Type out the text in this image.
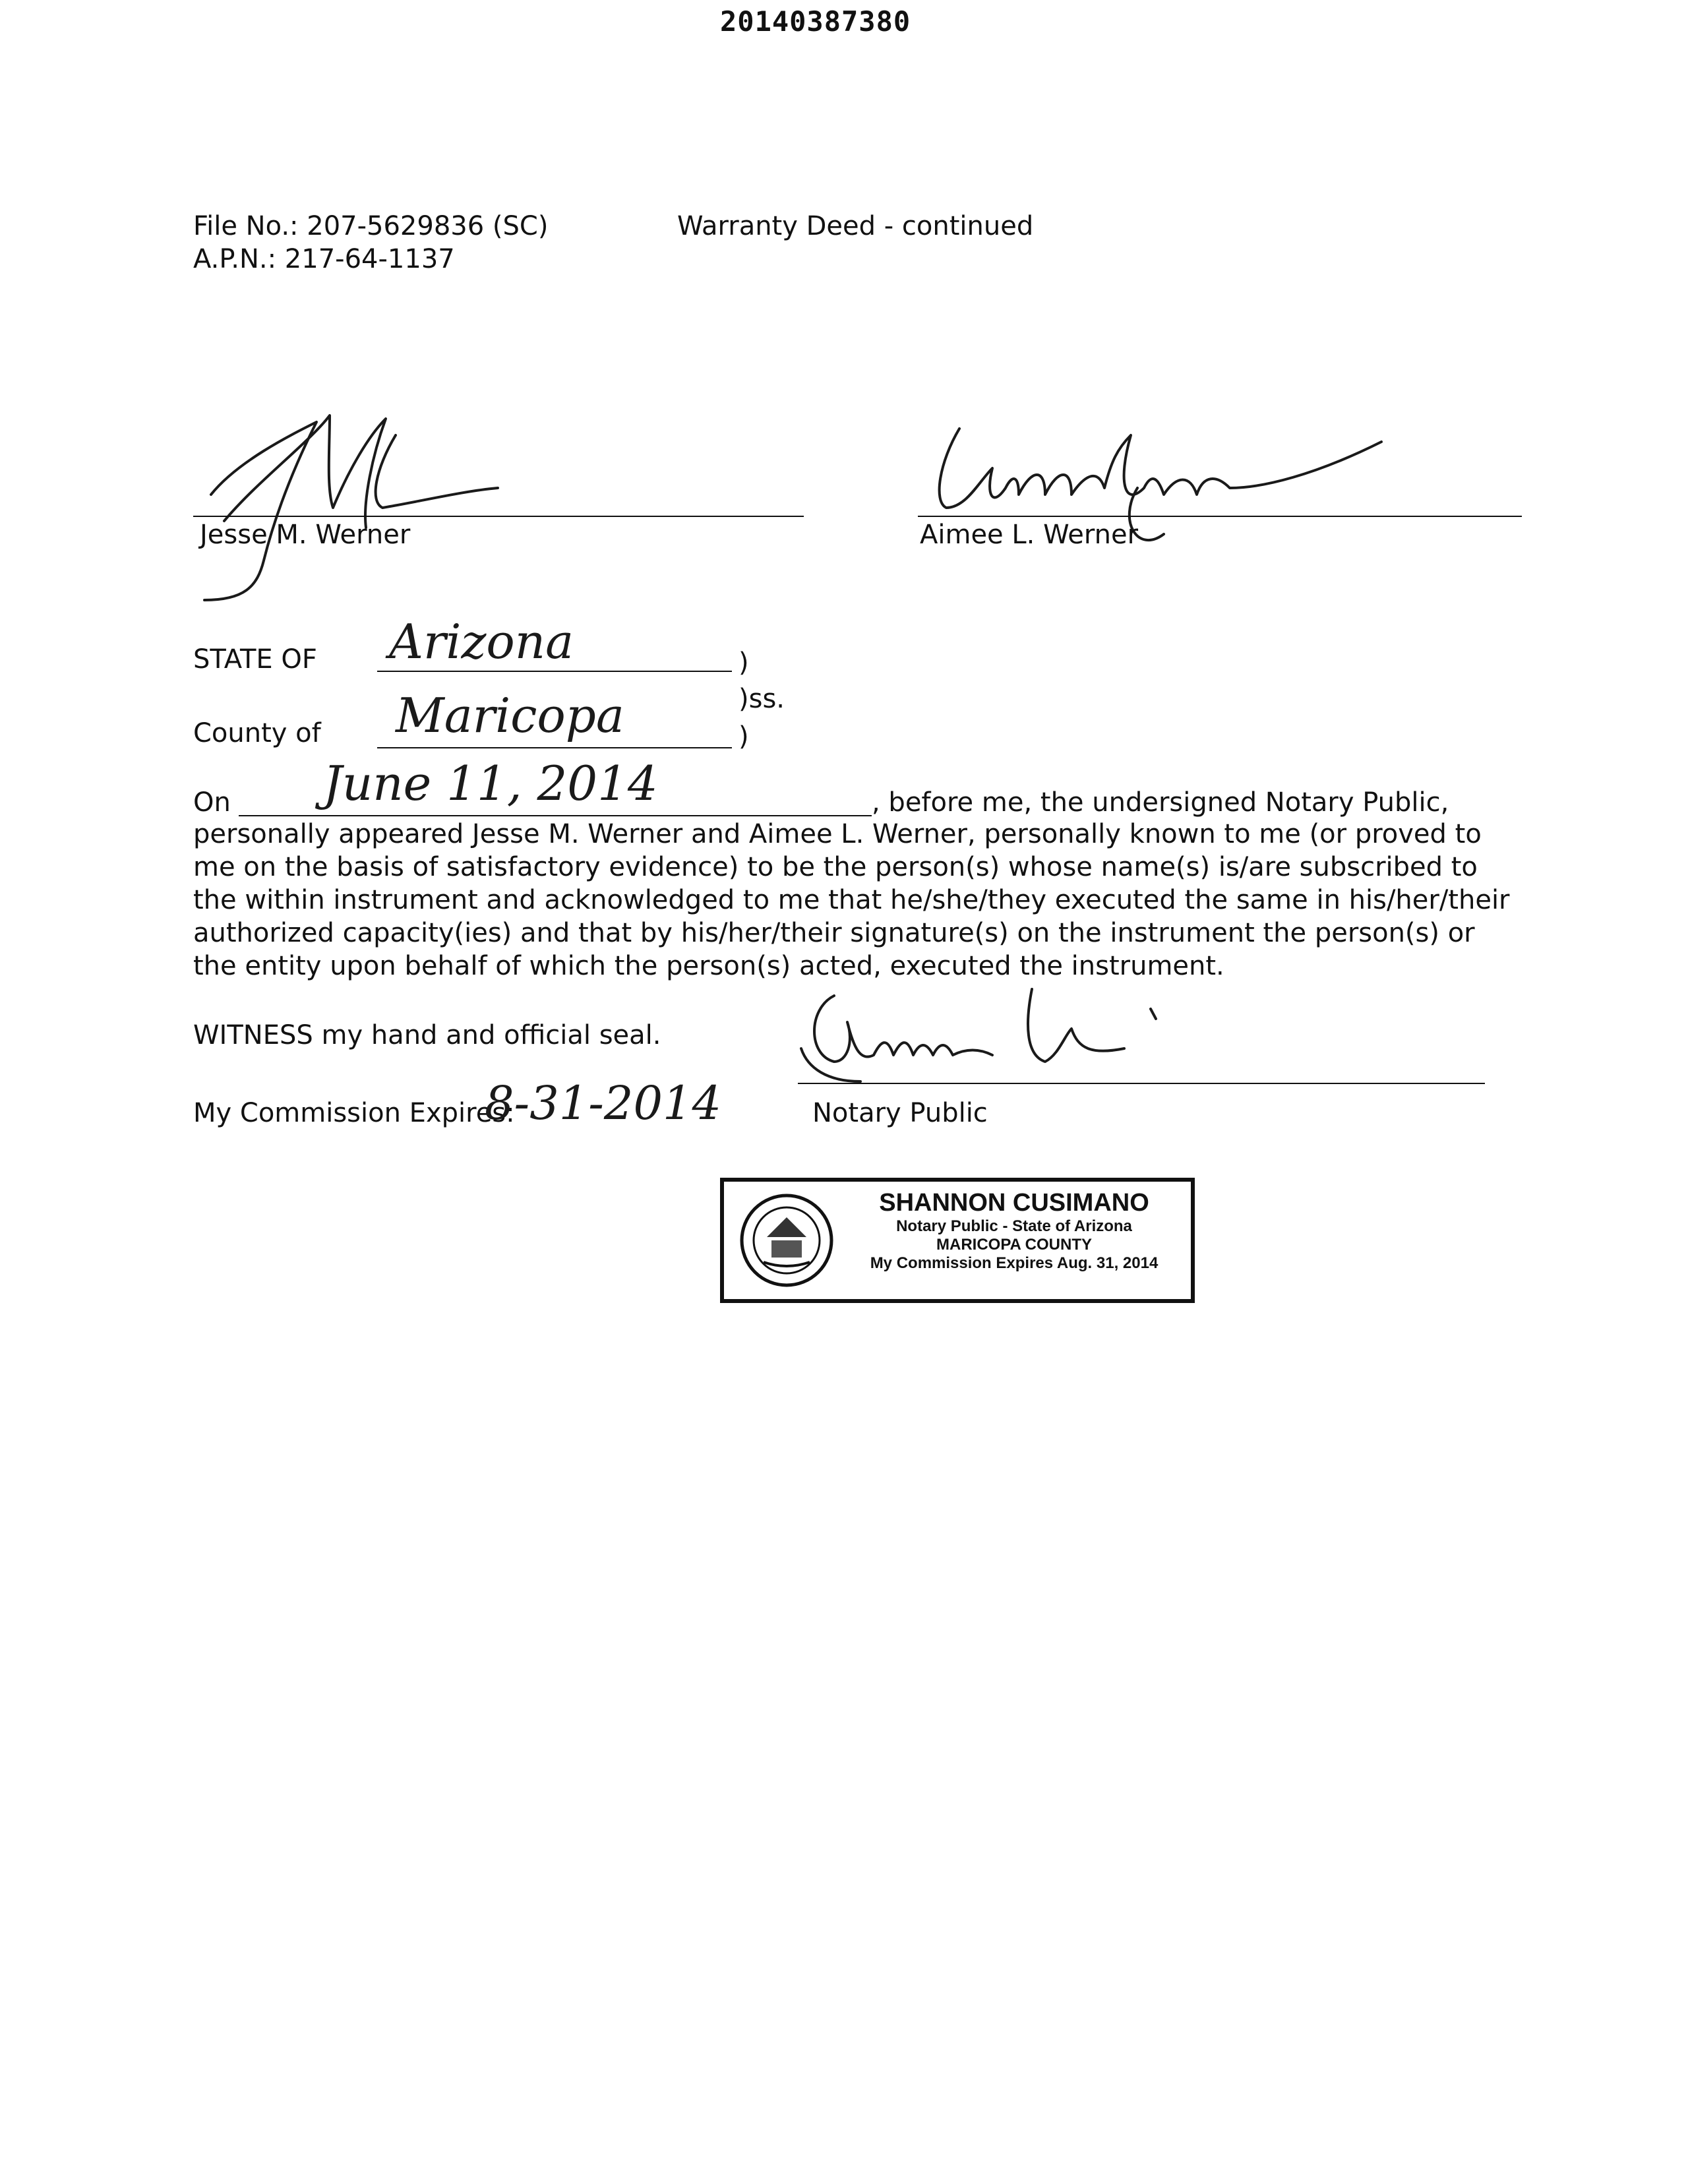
20140387380
File No.: 207-5629836 (SC)
A.P.N.: 217-64-1137
Warranty Deed - continued
Jesse M. Werner	Aimee L. Werner
STATE OF Arizona	)
)ss.
County of Maricopa	)
On June 11, 2014	, before me, the undersigned Notary Public,
personally appeared Jesse M. Werner and Aimee L. Werner, personally known to me (or proved to me on the basis of satisfactory evidence) to be the person(s) whose name(s) is/are subscribed to the within instrument and acknowledged to me that he/she/they executed the same in his/her/their authorized capacity(ies) and that by his/her/their signature(s) on the instrument the person(s) or the entity upon behalf of which the person(s) acted, executed the instrument.
WITNESS my hand and official seal.
Notary Public
My Commission Expires:
8-31-2014
SHANNON CUSIMANO
Notary Public - State of Arizona
MARICOPA COUNTY
My Commission Expires Aug. 31, 2014
